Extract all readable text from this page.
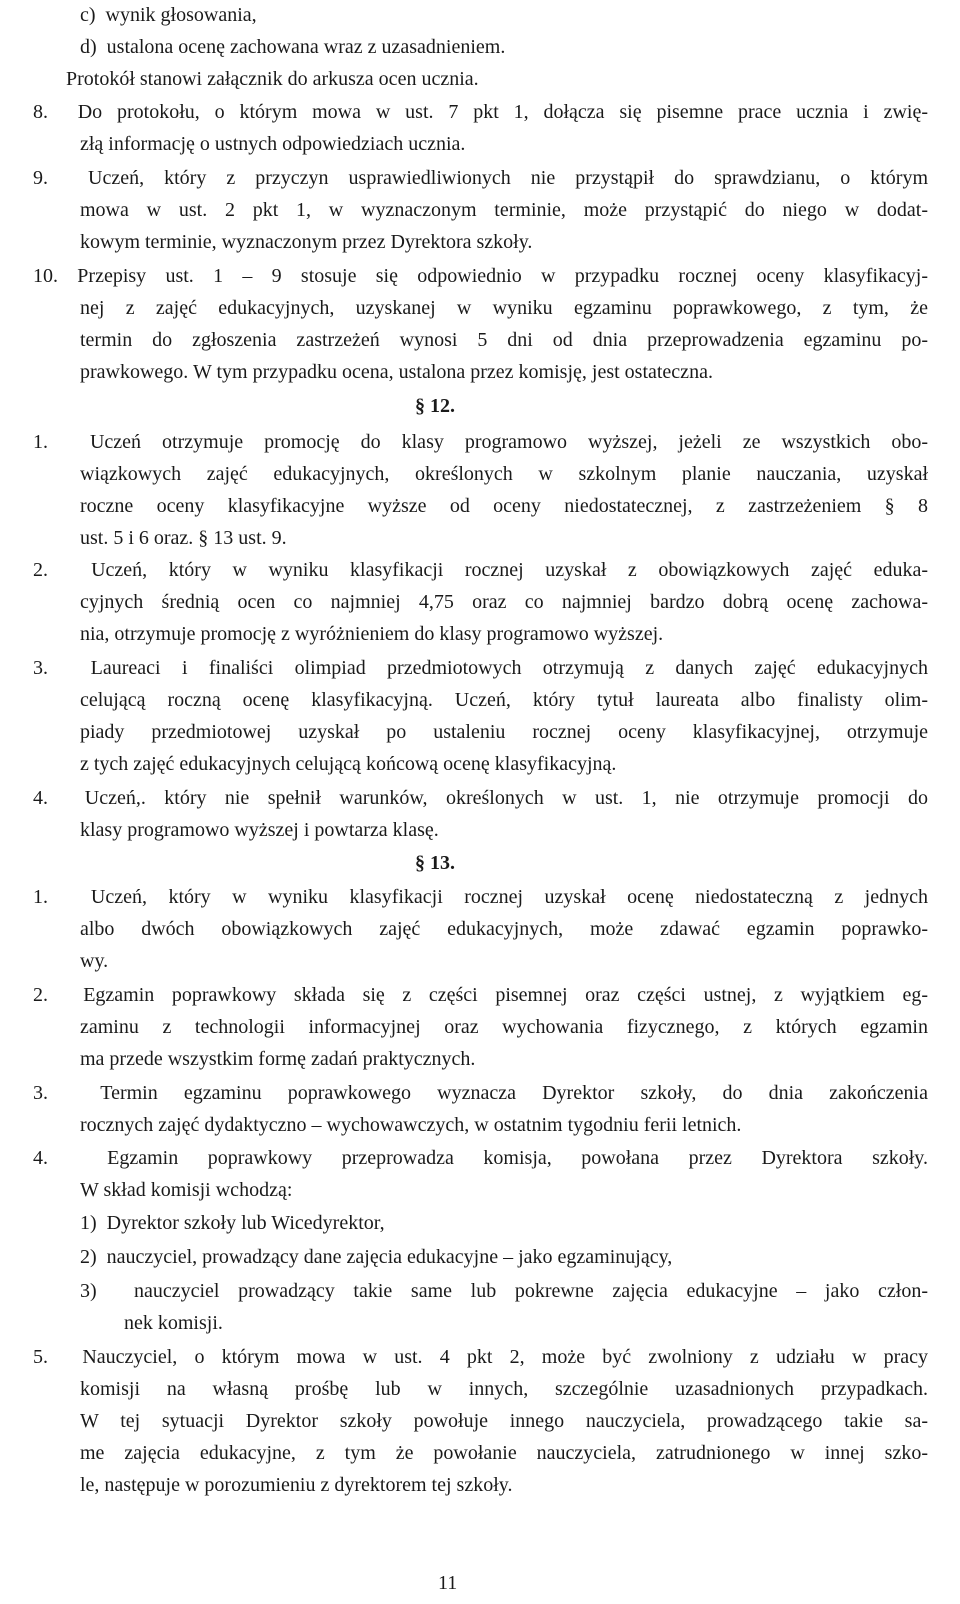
c)  wynik głosowania,
d)  ustalona ocenę zachowana wraz z uzasadnieniem.
Protokół stanowi załącznik do arkusza ocen ucznia.
8.  Do protokołu, o którym mowa w ust. 7 pkt 1, dołącza się pisemne prace ucznia i zwię-
złą informację o ustnych odpowiedziach ucznia.
9.  Uczeń, który z przyczyn usprawiedliwionych nie przystąpił do sprawdzianu, o którym
mowa w ust. 2 pkt 1, w wyznaczonym terminie, może przystąpić do niego w dodat-
kowym terminie, wyznaczonym przez Dyrektora szkoły.
10. Przepisy ust. 1 – 9 stosuje się odpowiednio w przypadku rocznej oceny klasyfikacyj-
nej z zajęć edukacyjnych, uzyskanej w wyniku egzaminu poprawkowego, z tym, że
termin do zgłoszenia zastrzeżeń wynosi 5 dni od dnia przeprowadzenia egzaminu po-
prawkowego. W tym przypadku ocena, ustalona przez komisję, jest ostateczna.
§ 12.
1.  Uczeń otrzymuje promocję do klasy programowo wyższej, jeżeli ze wszystkich obo-
wiązkowych zajęć edukacyjnych, określonych w szkolnym planie nauczania, uzyskał
roczne oceny klasyfikacyjne wyższe od oceny niedostatecznej, z zastrzeżeniem § 8
ust. 5 i 6 oraz. § 13 ust. 9.
2.  Uczeń, który w wyniku klasyfikacji rocznej uzyskał z obowiązkowych zajęć eduka-
cyjnych średnią ocen co najmniej 4,75 oraz co najmniej bardzo dobrą ocenę zachowa-
nia, otrzymuje promocję z wyróżnieniem do klasy programowo wyższej.
3.  Laureaci i finaliści olimpiad przedmiotowych otrzymują z danych zajęć edukacyjnych
celującą roczną ocenę klasyfikacyjną. Uczeń, który tytuł laureata albo finalisty olim-
piady przedmiotowej uzyskał po ustaleniu rocznej oceny klasyfikacyjnej, otrzymuje
z tych zajęć edukacyjnych celującą końcową ocenę klasyfikacyjną.
4.  Uczeń,. który nie spełnił warunków, określonych w ust. 1, nie otrzymuje promocji do
klasy programowo wyższej i powtarza klasę.
§ 13.
1.  Uczeń, który w wyniku klasyfikacji rocznej uzyskał ocenę niedostateczną z jednych
albo dwóch obowiązkowych zajęć edukacyjnych, może zdawać egzamin poprawko-
wy.
2.  Egzamin poprawkowy składa się z części pisemnej oraz części ustnej, z wyjątkiem eg-
zaminu z technologii informacyjnej oraz wychowania fizycznego, z których egzamin
ma przede wszystkim formę zadań praktycznych.
3.  Termin egzaminu poprawkowego wyznacza Dyrektor szkoły, do dnia zakończenia
rocznych zajęć dydaktyczno – wychowawczych, w ostatnim tygodniu ferii letnich.
4.  Egzamin poprawkowy przeprowadza komisja, powołana przez Dyrektora szkoły.
W skład komisji wchodzą:
1)  Dyrektor szkoły lub Wicedyrektor,
2)  nauczyciel, prowadzący dane zajęcia edukacyjne – jako egzaminujący,
3)  nauczyciel prowadzący takie same lub pokrewne zajęcia edukacyjne – jako człon-
nek komisji.
5.  Nauczyciel, o którym mowa w ust. 4 pkt 2, może być zwolniony z udziału w pracy
komisji na własną prośbę lub w innych, szczególnie uzasadnionych przypadkach.
W tej sytuacji Dyrektor szkoły powołuje innego nauczyciela, prowadzącego takie sa-
me zajęcia edukacyjne, z tym że powołanie nauczyciela, zatrudnionego w innej szko-
le, następuje w porozumieniu z dyrektorem tej szkoły.
11
